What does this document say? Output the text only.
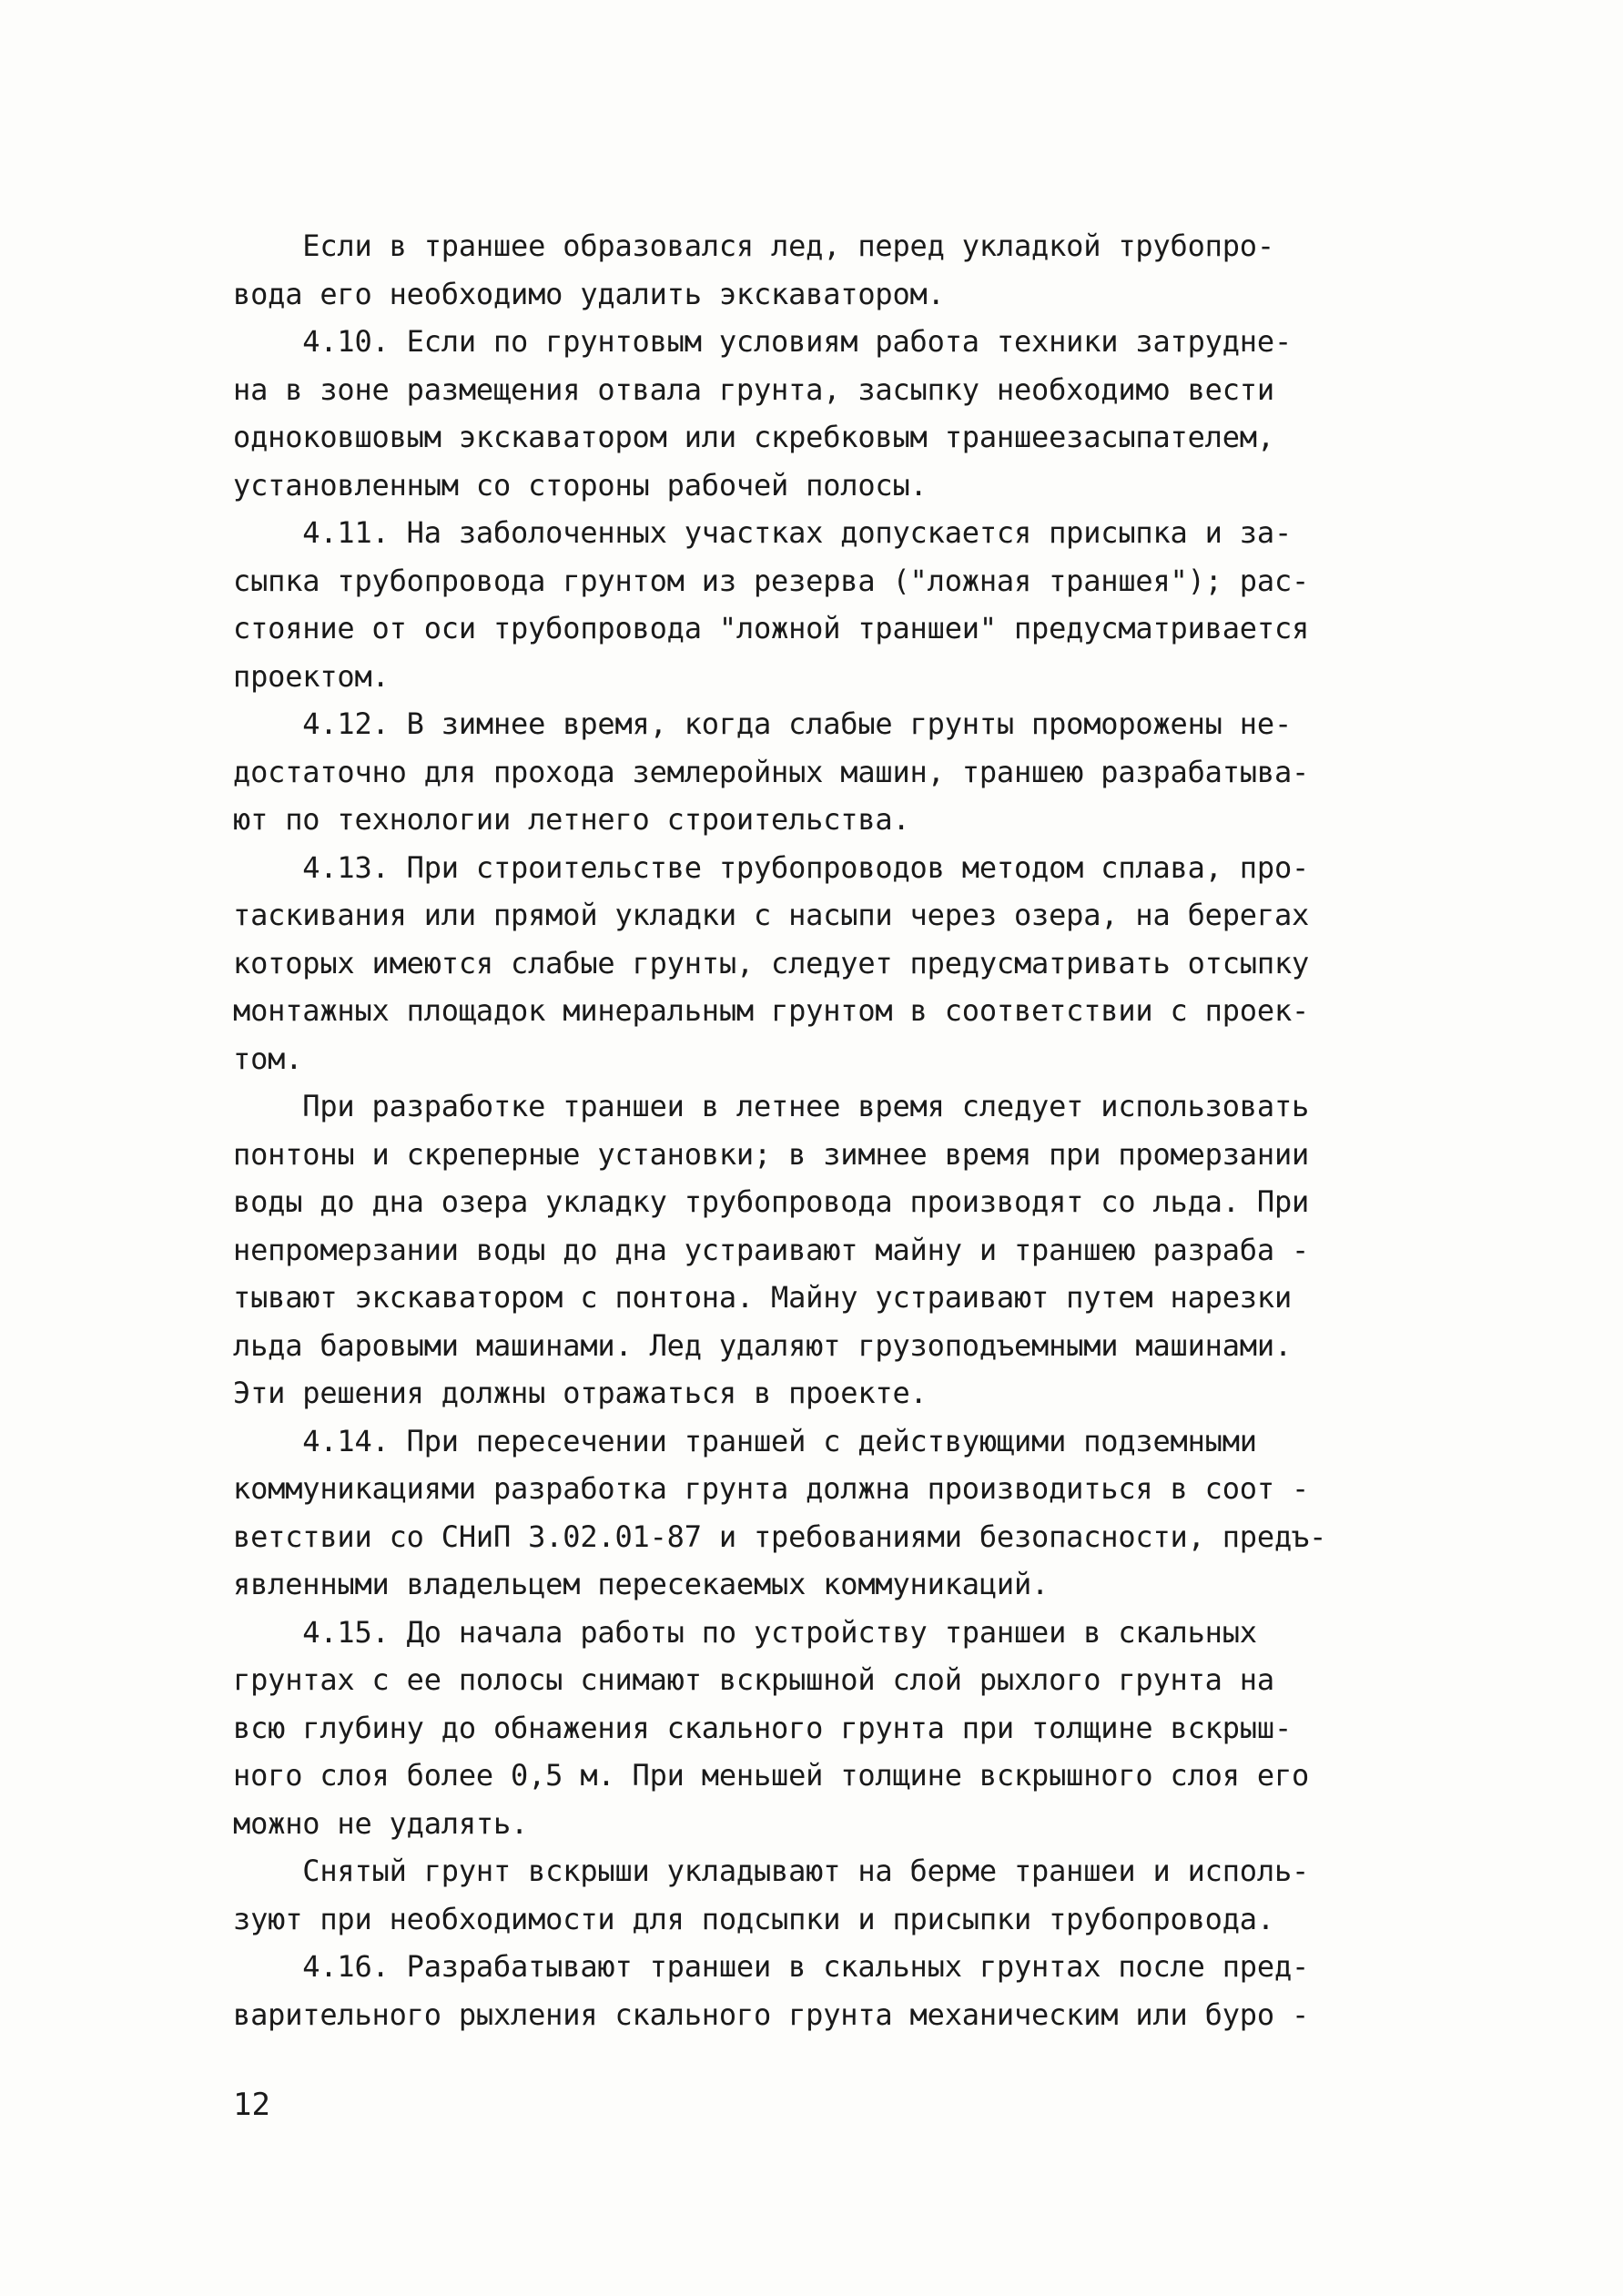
Если в траншее образовался лед, перед укладкой трубопро-
вода его необходимо удалить экскаватором.
4.10. Если по грунтовым условиям работа техники затрудне-
на в зоне размещения отвала грунта, засыпку необходимо вести
одноковшовым экскаватором или скребковым траншеезасыпателем,
установленным со стороны рабочей полосы.
4.11. На заболоченных участках допускается присыпка и за-
сыпка трубопровода грунтом из резерва ("ложная траншея"); рас-
стояние от оси трубопровода "ложной траншеи" предусматривается
проектом.
4.12. В зимнее время, когда слабые грунты проморожены не-
достаточно для прохода землеройных машин, траншею разрабатыва-
ют по технологии летнего строительства.
4.13. При строительстве трубопроводов методом сплава, про-
таскивания или прямой укладки с насыпи через озера, на берегах
которых имеются слабые грунты, следует предусматривать отсыпку
монтажных площадок минеральным грунтом в соответствии с проек-
том.
При разработке траншеи в летнее время следует использовать
понтоны и скреперные установки; в зимнее время при промерзании
воды до дна озера укладку трубопровода производят со льда. При
непромерзании воды до дна устраивают майну и траншею разраба -
тывают экскаватором с понтона. Майну устраивают путем нарезки
льда баровыми машинами. Лед удаляют грузоподъемными машинами.
Эти решения должны отражаться в проекте.
4.14. При пересечении траншей с действующими подземными
коммуникациями разработка грунта должна производиться в соот -
ветствии со СНиП 3.02.01-87 и требованиями безопасности, предъ-
явленными владельцем пересекаемых коммуникаций.
4.15. До начала работы по устройству траншеи в скальных
грунтах с ее полосы снимают вскрышной слой рыхлого грунта на
всю глубину до обнажения скального грунта при толщине вскрыш-
ного слоя более 0,5 м. При меньшей толщине вскрышного слоя его
можно не удалять.
Снятый грунт вскрыши укладывают на берме траншеи и исполь-
зуют при необходимости для подсыпки и присыпки трубопровода.
4.16. Разрабатывают траншеи в скальных грунтах после пред-
варительного рыхления скального грунта механическим или буро -
12
